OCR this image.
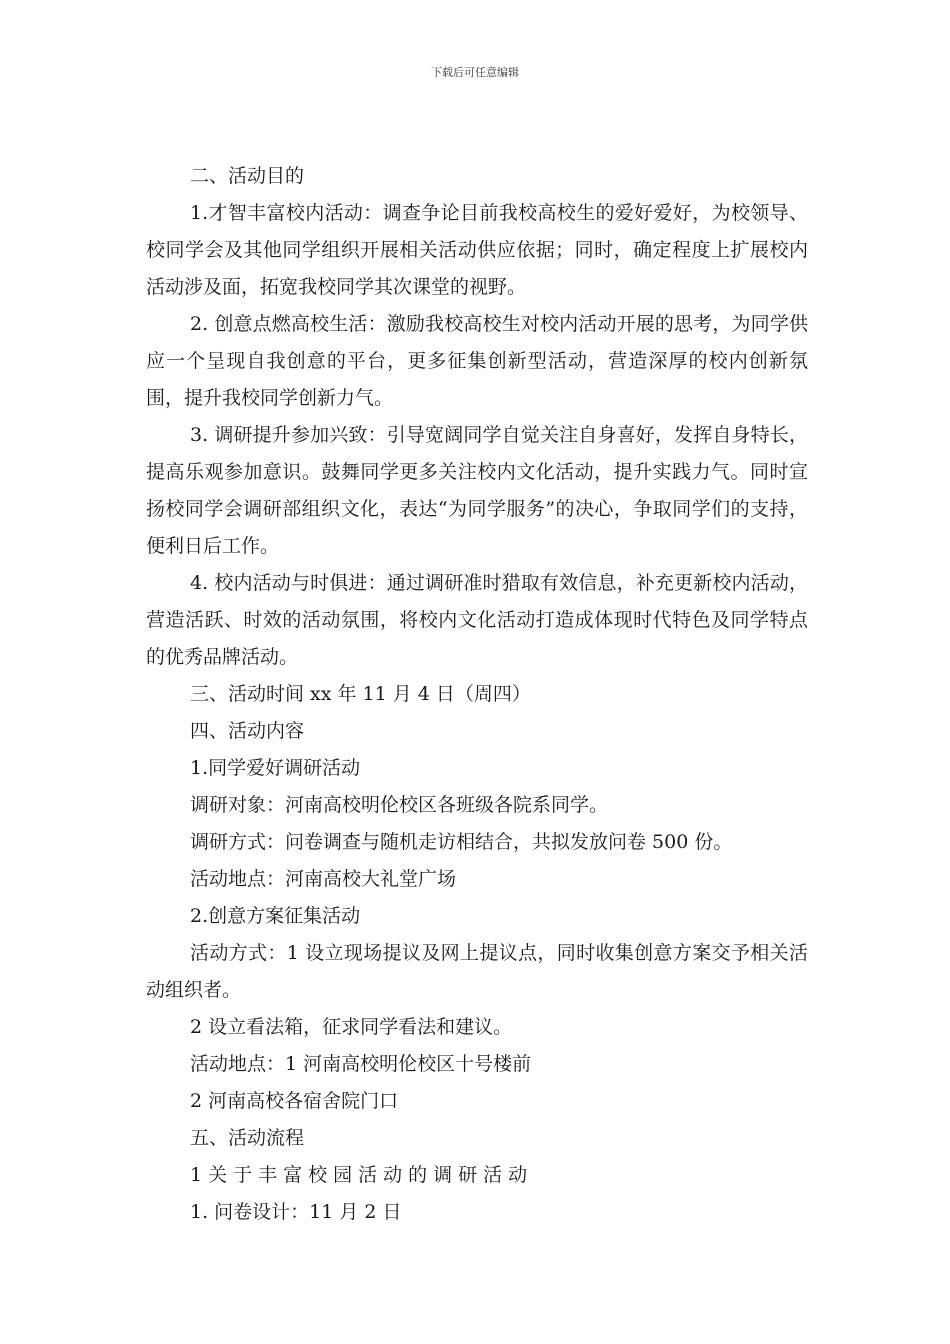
下载后可任意编辑

二、活动目的

1.才智丰富校内活动：调查争论目前我校高校生的爱好爱好，为校领导、校同学会及其他同学组织开展相关活动供应依据；同时，确定程度上扩展校内活动涉及面，拓宽我校同学其次课堂的视野。

2. 创意点燃高校生活：激励我校高校生对校内活动开展的思考，为同学供应一个呈现自我创意的平台，更多征集创新型活动，营造深厚的校内创新氛围，提升我校同学创新力气。

3. 调研提升参加兴致：引导宽阔同学自觉关注自身喜好，发挥自身特长，提高乐观参加意识。鼓舞同学更多关注校内文化活动，提升实践力气。同时宣扬校同学会调研部组织文化，表达“为同学服务”的决心，争取同学们的支持，便利日后工作。

4. 校内活动与时俱进：通过调研准时猎取有效信息，补充更新校内活动，营造活跃、时效的活动氛围，将校内文化活动打造成体现时代特色及同学特点的优秀品牌活动。

三、活动时间 xx 年 11 月 4 日（周四）

四、活动内容

1.同学爱好调研活动

调研对象：河南高校明伦校区各班级各院系同学。

调研方式：问卷调查与随机走访相结合，共拟发放问卷 500 份。

活动地点：河南高校大礼堂广场

2.创意方案征集活动

活动方式：1 设立现场提议及网上提议点，同时收集创意方案交予相关活动组织者。

2 设立看法箱，征求同学看法和建议。

活动地点：1 河南高校明伦校区十号楼前

2 河南高校各宿舍院门口

五、活动流程

1关于丰富校园活动的调研活动

1. 问卷设计：11 月 2 日
